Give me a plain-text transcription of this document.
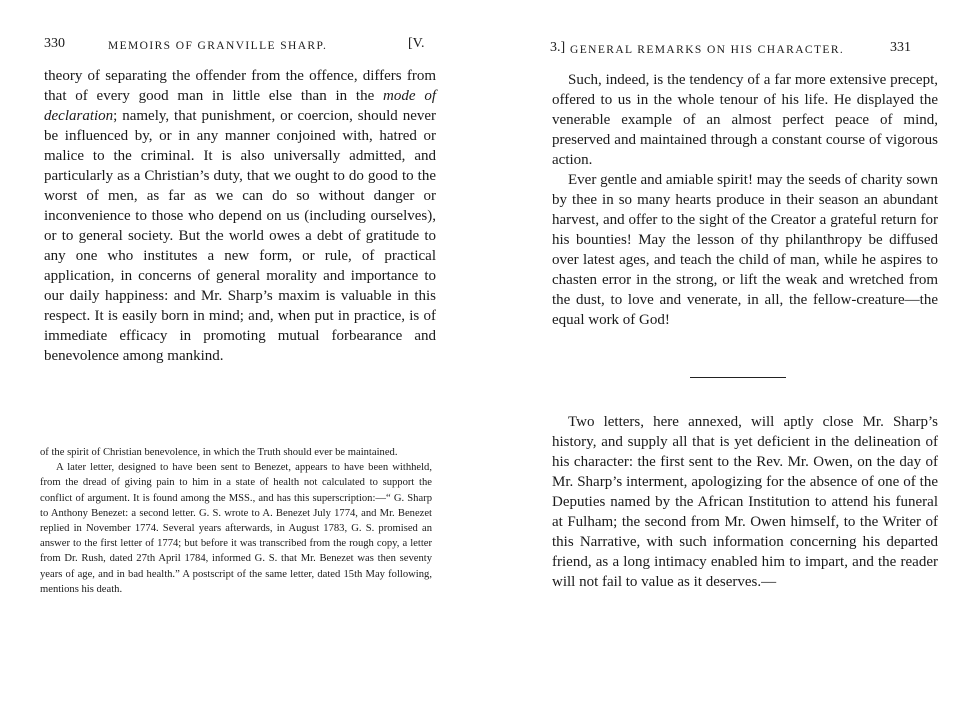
330	MEMOIRS OF GRANVILLE SHARP.	[V.

theory of separating the offender from the offence, differs from that of every good man in little else than in the mode of declaration; namely, that punishment, or coercion, should never be influenced by, or in any manner conjoined with, hatred or malice to the criminal. It is also universally admitted, and particularly as a Christian’s duty, that we ought to do good to the worst of men, as far as we can do so without danger or inconvenience to those who depend on us (including ourselves), or to general society. But the world owes a debt of gratitude to any one who institutes a new form, or rule, of practical application, in concerns of general morality and importance to our daily happiness: and Mr. Sharp’s maxim is valuable in this respect. It is easily born in mind; and, when put in practice, is of immediate efficacy in promoting mutual forbearance and benevolence among mankind.

of the spirit of Christian benevolence, in which the Truth should ever be maintained.

A later letter, designed to have been sent to Benezet, appears to have been withheld, from the dread of giving pain to him in a state of health not calculated to support the conflict of argument. It is found among the MSS., and has this superscription:—“ G. Sharp to Anthony Benezet: a second letter. G. S. wrote to A. Benezet July 1774, and Mr. Benezet replied in November 1774. Several years afterwards, in August 1783, G. S. promised an answer to the first letter of 1774; but before it was transcribed from the rough copy, a letter from Dr. Rush, dated 27th April 1784, informed G. S. that Mr. Benezet was then seventy years of age, and in bad health.” A postscript of the same letter, dated 15th May following, mentions his death.

3.] GENERAL REMARKS ON HIS CHARACTER.	331

Such, indeed, is the tendency of a far more extensive precept, offered to us in the whole tenour of his life. He displayed the venerable example of an almost perfect peace of mind, preserved and maintained through a constant course of vigorous action.

Ever gentle and amiable spirit! may the seeds of charity sown by thee in so many hearts produce in their season an abundant harvest, and offer to the sight of the Creator a grateful return for his bounties! May the lesson of thy philanthropy be diffused over latest ages, and teach the child of man, while he aspires to chasten error in the strong, or lift the weak and wretched from the dust, to love and venerate, in all, the fellow-creature—the equal work of God!

Two letters, here annexed, will aptly close Mr. Sharp’s history, and supply all that is yet deficient in the delineation of his character: the first sent to the Rev. Mr. Owen, on the day of Mr. Sharp’s interment, apologizing for the absence of one of the Deputies named by the African Institution to attend his funeral at Fulham; the second from Mr. Owen himself, to the Writer of this Narrative, with such information concerning his departed friend, as a long intimacy enabled him to impart, and the reader will not fail to value as it deserves.—
